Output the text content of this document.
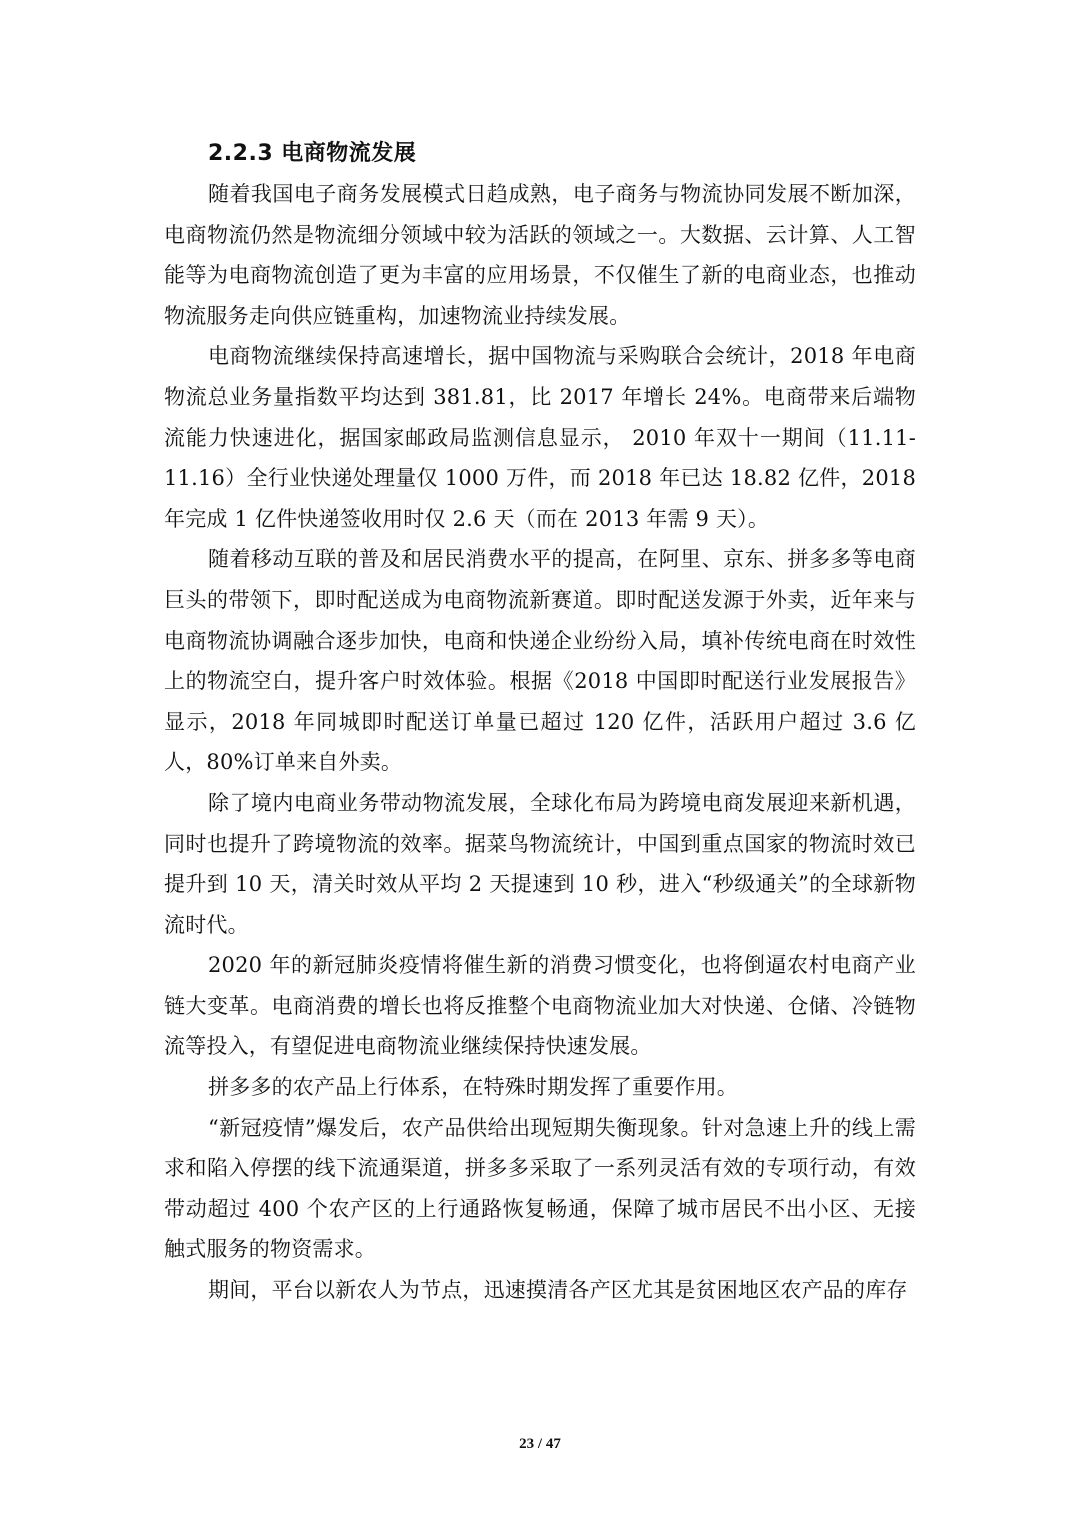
2.2.3 电商物流发展

随着我国电子商务发展模式日趋成熟，电子商务与物流协同发展不断加深，电商物流仍然是物流细分领域中较为活跃的领域之一。大数据、云计算、人工智能等为电商物流创造了更为丰富的应用场景，不仅催生了新的电商业态，也推动物流服务走向供应链重构，加速物流业持续发展。

电商物流继续保持高速增长，据中国物流与采购联合会统计，2018 年电商物流总业务量指数平均达到 381.81，比 2017 年增长 24%。电商带来后端物流能力快速进化，据国家邮政局监测信息显示， 2010 年双十一期间（11.11-11.16）全行业快递处理量仅 1000 万件，而 2018 年已达 18.82 亿件，2018 年完成 1 亿件快递签收用时仅 2.6 天（而在 2013 年需 9 天）。

随着移动互联的普及和居民消费水平的提高，在阿里、京东、拼多多等电商巨头的带领下，即时配送成为电商物流新赛道。即时配送发源于外卖，近年来与电商物流协调融合逐步加快，电商和快递企业纷纷入局，填补传统电商在时效性上的物流空白，提升客户时效体验。根据《2018 中国即时配送行业发展报告》显示，2018 年同城即时配送订单量已超过 120 亿件，活跃用户超过 3.6 亿人，80%订单来自外卖。

除了境内电商业务带动物流发展，全球化布局为跨境电商发展迎来新机遇，同时也提升了跨境物流的效率。据菜鸟物流统计，中国到重点国家的物流时效已提升到 10 天，清关时效从平均 2 天提速到 10 秒，进入“秒级通关”的全球新物流时代。

2020 年的新冠肺炎疫情将催生新的消费习惯变化，也将倒逼农村电商产业链大变革。电商消费的增长也将反推整个电商物流业加大对快递、仓储、冷链物流等投入，有望促进电商物流业继续保持快速发展。

拼多多的农产品上行体系，在特殊时期发挥了重要作用。

“新冠疫情”爆发后，农产品供给出现短期失衡现象。针对急速上升的线上需求和陷入停摆的线下流通渠道，拼多多采取了一系列灵活有效的专项行动，有效带动超过 400 个农产区的上行通路恢复畅通，保障了城市居民不出小区、无接触式服务的物资需求。

期间，平台以新农人为节点，迅速摸清各产区尤其是贫困地区农产品的库存

23 / 47
